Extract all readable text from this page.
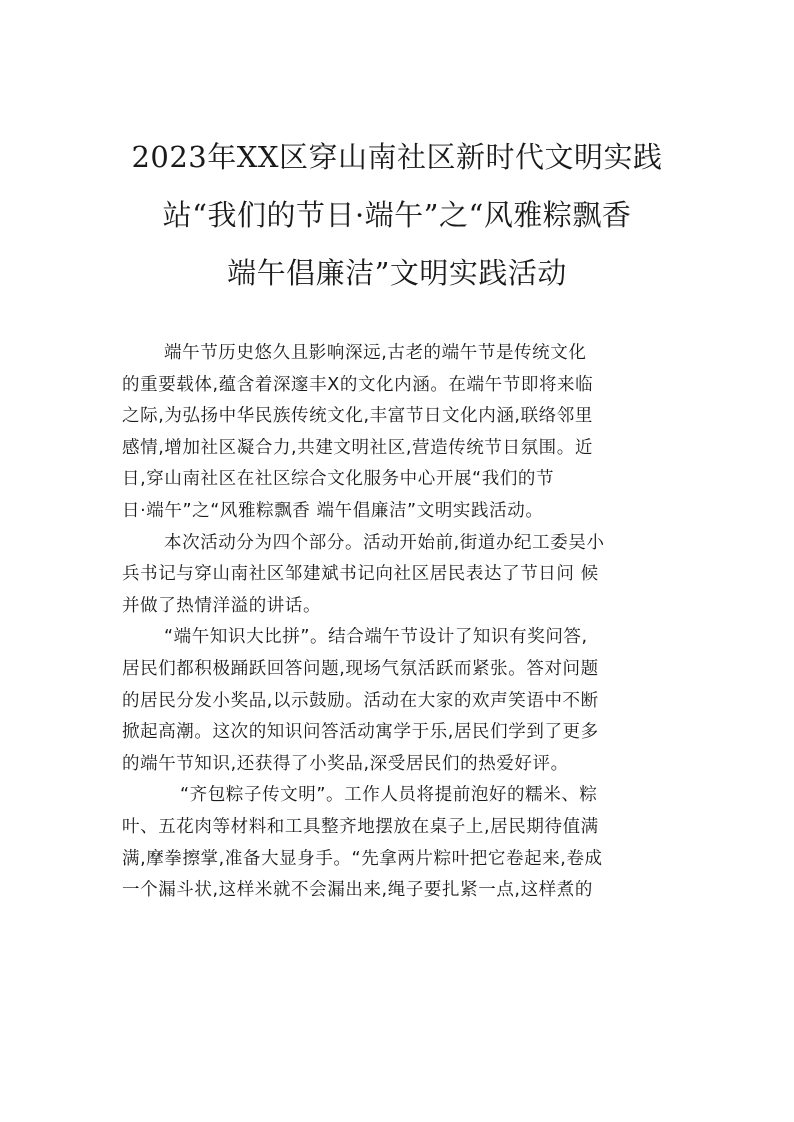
2023年XX区穿山南社区新时代文明实践
站“我们的节日·端午”之“风雅粽飘香
端午倡廉洁”文明实践活动
端午节历史悠久且影响深远,古老的端午节是传统文化
的重要载体,蕴含着深邃丰X的文化内涵。在端午节即将来临
之际,为弘扬中华民族传统文化,丰富节日文化内涵,联络邻里
感情,增加社区凝合力,共建文明社区,营造传统节日氛围。近
日,穿山南社区在社区综合文化服务中心开展“我们的节
日·端午”之“风雅粽飘香 端午倡廉洁”文明实践活动。
本次活动分为四个部分。活动开始前,街道办纪工委吴小
兵书记与穿山南社区邹建斌书记向社区居民表达了节日问 候
并做了热情洋溢的讲话。
“端午知识大比拼”。结合端午节设计了知识有奖问答,
居民们都积极踊跃回答问题,现场气氛活跃而紧张。答对问题
的居民分发小奖品,以示鼓励。活动在大家的欢声笑语中不断
掀起高潮。这次的知识问答活动寓学于乐,居民们学到了更多
的端午节知识,还获得了小奖品,深受居民们的热爱好评。
“齐包粽子传文明”。工作人员将提前泡好的糯米、粽
叶、五花肉等材料和工具整齐地摆放在桌子上,居民期待值满
满,摩拳擦掌,准备大显身手。“先拿两片粽叶把它卷起来,卷成
一个漏斗状,这样米就不会漏出来,绳子要扎紧一点,这样煮的
